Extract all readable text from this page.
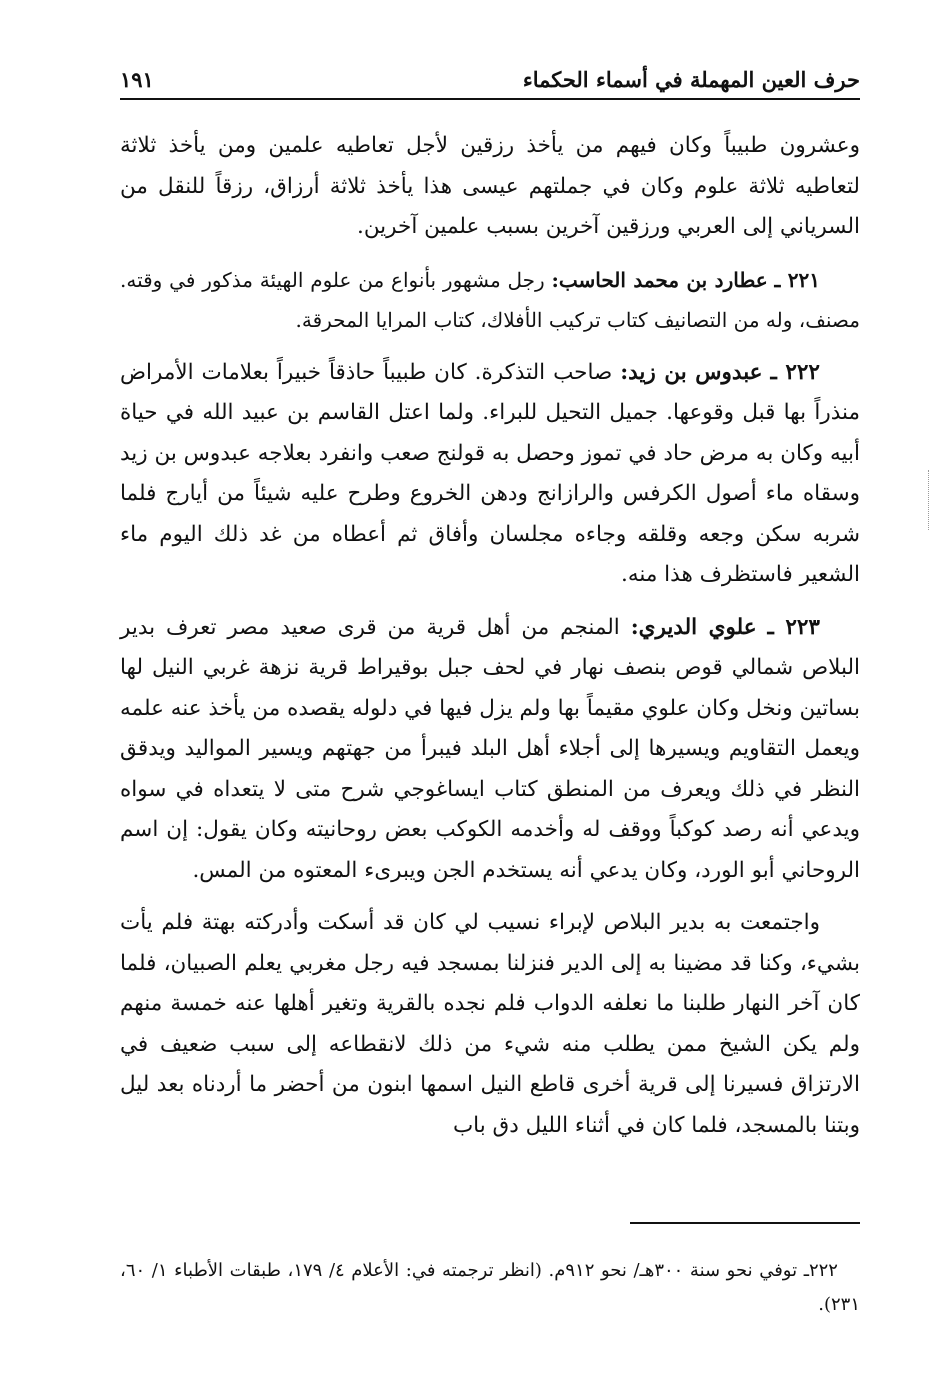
حرف العين المهملة في أسماء الحكماء
١٩١

وعشرون طبيباً وكان فيهم من يأخذ رزقين لأجل تعاطيه علمين ومن يأخذ ثلاثة لتعاطيه ثلاثة علوم وكان في جملتهم عيسى هذا يأخذ ثلاثة أرزاق، رزقاً للنقل من السرياني إلى العربي ورزقين آخرين بسبب علمين آخرين.

٢٢١ ـ عطارد بن محمد الحاسب: رجل مشهور بأنواع من علوم الهيئة مذكور في وقته. مصنف، وله من التصانيف كتاب تركيب الأفلاك، كتاب المرايا المحرقة.

٢٢٢ ـ عبدوس بن زيد: صاحب التذكرة. كان طبيباً حاذقاً خبيراً بعلامات الأمراض منذراً بها قبل وقوعها. جميل التحيل للبراء. ولما اعتل القاسم بن عبيد الله في حياة أبيه وكان به مرض حاد في تموز وحصل به قولنج صعب وانفرد بعلاجه عبدوس بن زيد وسقاه ماء أصول الكرفس والرازانج ودهن الخروع وطرح عليه شيئاً من أيارج فلما شربه سكن وجعه وقلقه وجاءه مجلسان وأفاق ثم أعطاه من غد ذلك اليوم ماء الشعير فاستظرف هذا منه.

٢٢٣ ـ علوي الديري: المنجم من أهل قرية من قرى صعيد مصر تعرف بدير البلاص شمالي قوص بنصف نهار في لحف جبل بوقيراط قرية نزهة غربي النيل لها بساتين ونخل وكان علوي مقيماً بها ولم يزل فيها في دلوله يقصده من يأخذ عنه علمه ويعمل التقاويم ويسيرها إلى أجلاء أهل البلد فيبرأ من جهتهم ويسير المواليد ويدقق النظر في ذلك ويعرف من المنطق كتاب ايساغوجي شرح متى لا يتعداه في سواه ويدعي أنه رصد كوكباً ووقف له وأخدمه الكوكب بعض روحانيته وكان يقول: إن اسم الروحاني أبو الورد، وكان يدعي أنه يستخدم الجن ويبرىء المعتوه من المس.

واجتمعت به بدير البلاص لإبراء نسيب لي كان قد أسكت وأدركته بهتة فلم يأت بشيء، وكنا قد مضينا به إلى الدير فنزلنا بمسجد فيه رجل مغربي يعلم الصبيان، فلما كان آخر النهار طلبنا ما نعلفه الدواب فلم نجده بالقرية وتغير أهلها عنه خمسة منهم ولم يكن الشيخ ممن يطلب منه شيء من ذلك لانقطاعه إلى سبب ضعيف في الارتزاق فسيرنا إلى قرية أخرى قاطع النيل اسمها ابنون من أحضر ما أردناه بعد ليل وبتنا بالمسجد، فلما كان في أثناء الليل دق باب

٢٢٢ـ توفي نحو سنة ٣٠٠هـ/ نحو ٩١٢م. (انظر ترجمته في: الأعلام ٤/ ١٧٩، طبقات الأطباء ١/ ٦٠، ٢٣١).
